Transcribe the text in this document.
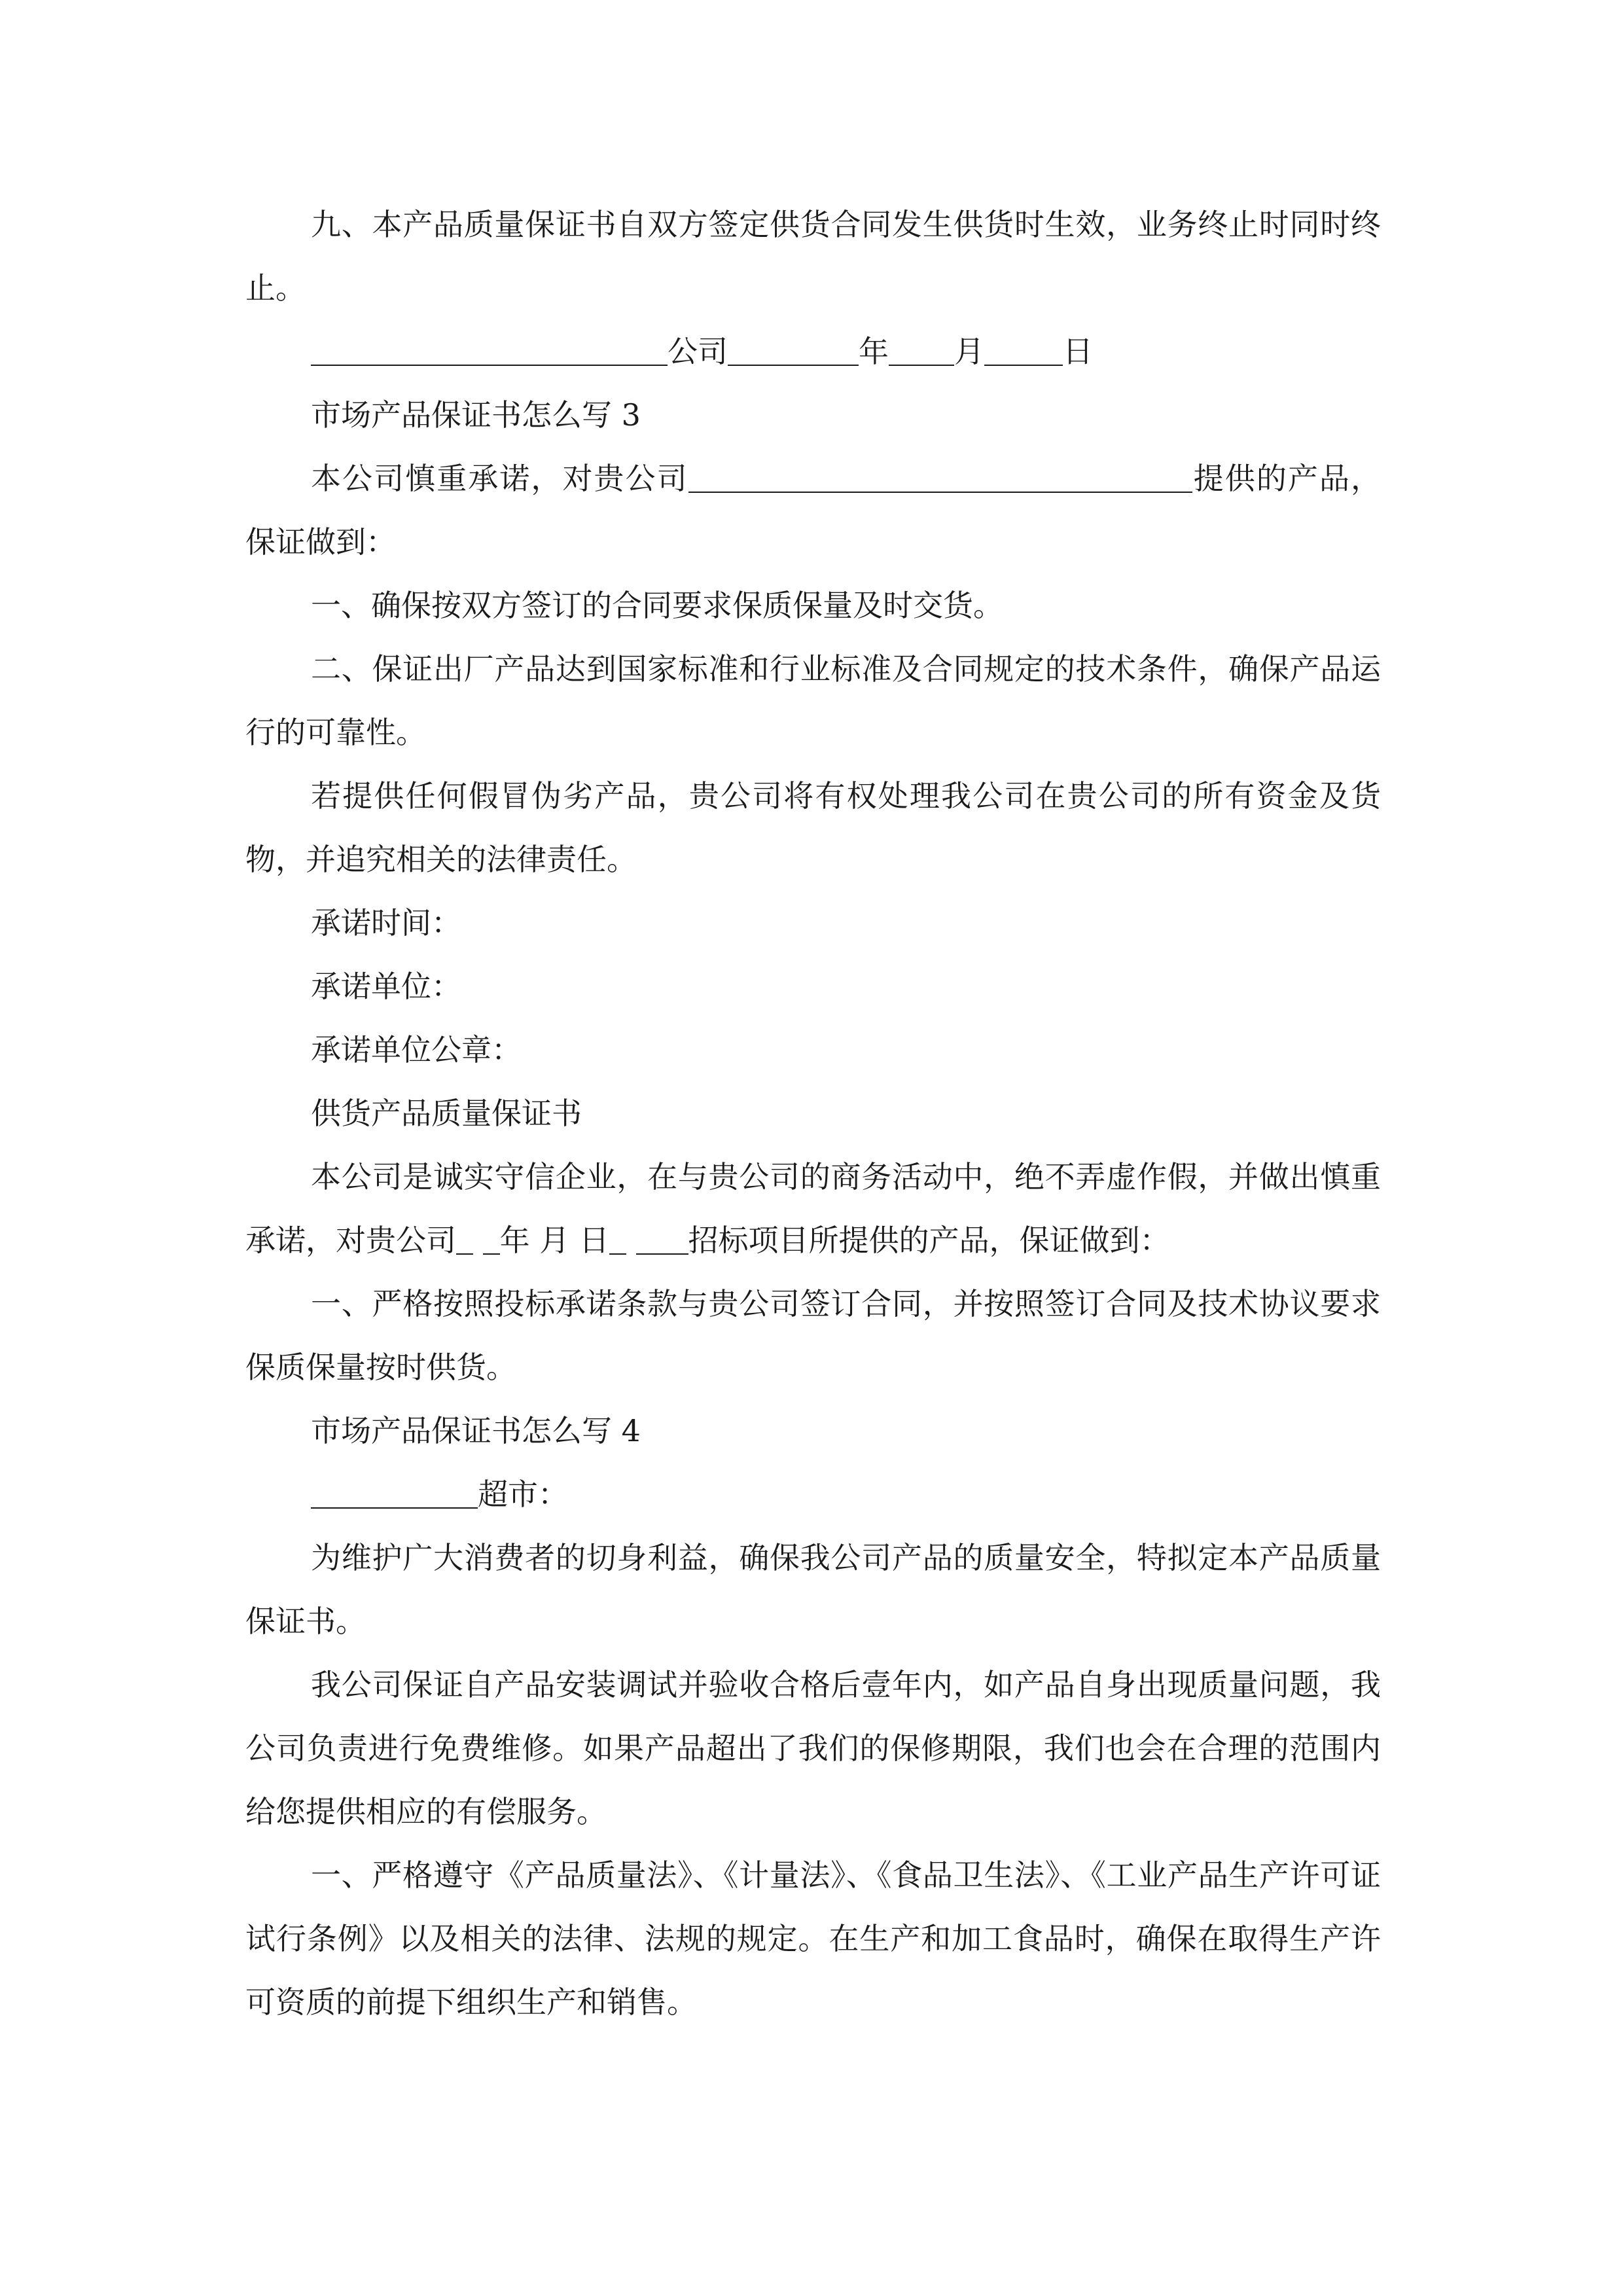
九、本产品质量保证书自双方签定供货合同发生供货时生效，业务终止时同时终止。

公司	年 月	日

市场产品保证书怎么写 3

本公司慎重承诺，对贵公司	提供的产品，保证做到：

一、确保按双方签订的合同要求保质保量及时交货。

二、保证出厂产品达到国家标准和行业标准及合同规定的技术条件，确保产品运行的可靠性。

若提供任何假冒伪劣产品，贵公司将有权处理我公司在贵公司的所有资金及货物，并追究相关的法律责任。

承诺时间：

承诺单位：

承诺单位公章：

供货产品质量保证书

本公司是诚实守信企业，在与贵公司的商务活动中，绝不弄虚作假，并做出慎重承诺，对贵公司 年 月 日	招标项目所提供的产品，保证做到：

一、严格按照投标承诺条款与贵公司签订合同，并按照签订合同及技术协议要求保质保量按时供货。

市场产品保证书怎么写 4

超市：

为维护广大消费者的切身利益，确保我公司产品的质量安全，特拟定本产品质量保证书。

我公司保证自产品安装调试并验收合格后壹年内，如产品自身出现质量问题，我公司负责进行免费维修。如果产品超出了我们的保修期限，我们也会在合理的范围内给您提供相应的有偿服务。

一、严格遵守《产品质量法》、《计量法》、《食品卫生法》、《工业产品生产许可证试行条例》以及相关的法律、法规的规定。在生产和加工食品时，确保在取得生产许可资质的前提下组织生产和销售。
